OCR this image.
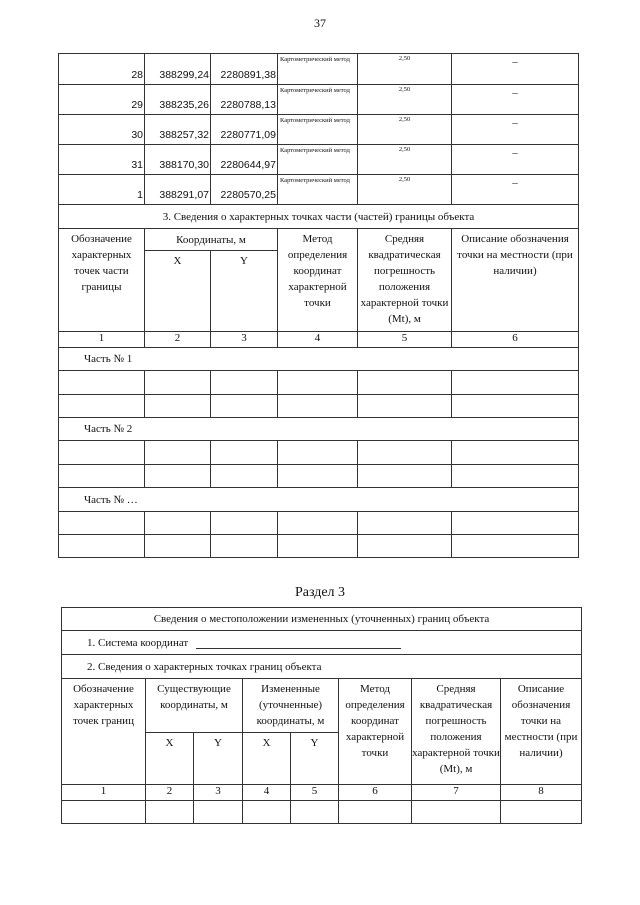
37
28	388299,24	2280891,38	Картометрический метод	2,50	–
29	388235,26	2280788,13	Картометрический метод	2,50	–
30	388257,32	2280771,09	Картометрический метод	2,50	–
31	388170,30	2280644,97	Картометрический метод	2,50	–
1	388291,07	2280570,25	Картометрический метод	2,50	–
3. Сведения о характерных точках части (частей) границы объекта					
Обозначение характерных точек части границы	Координаты, м		Метод определения координат характерной точки	Средняя квадратическая погрешность положения характерной точки (Mt), м	Описание обозначения точки на местности (при наличии)
	X	Y			
1	2	3	4	5	6
Часть № 1					

Часть № 2					

Часть № …					

Раздел 3
Сведения о местоположении измененных (уточненных) границ объекта							
1. Система координат							
2. Сведения о характерных точках границ объекта							
Обозначение характерных точек границ	Существующие координаты, м		Измененные (уточненные) координаты, м		Метод определения координат характерной точки	Средняя квадратическая погрешность положения характерной точки (Mt), м	Описание обозначения точки на местности (при наличии)
	X	Y	X	Y			
1	2	3	4	5	6	7	8
